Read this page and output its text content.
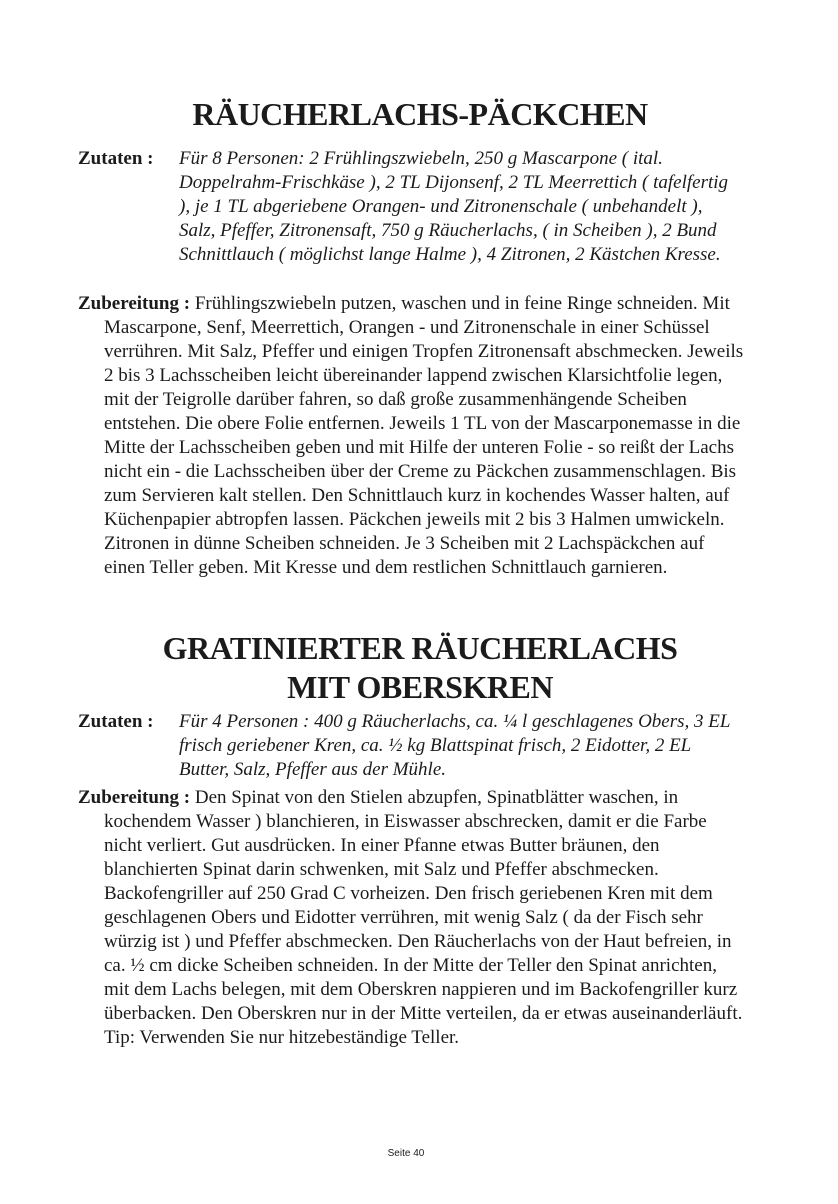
RÄUCHERLACHS-PÄCKCHEN
Zutaten : Für 8 Personen: 2 Frühlingszwiebeln, 250 g Mascarpone ( ital. Doppelrahm-Frischkäse ), 2 TL Dijonsenf, 2 TL Meerrettich ( tafelfertig ), je 1 TL abgeriebene Orangen- und Zitronenschale ( unbehandelt ), Salz, Pfeffer, Zitronensaft, 750 g Räucherlachs, ( in Scheiben ), 2 Bund Schnittlauch ( möglichst lange Halme ), 4 Zitronen, 2 Kästchen Kresse.

Zubereitung : Frühlingszwiebeln putzen, waschen und in feine Ringe schneiden. Mit Mascarpone, Senf, Meerrettich, Orangen - und Zitronenschale in einer Schüssel verrühren. Mit Salz, Pfeffer und einigen Tropfen Zitronensaft abschmecken. Jeweils 2 bis 3 Lachsscheiben leicht übereinander lappend zwischen Klarsichtfolie legen, mit der Teigrolle darüber fahren, so daß große zusammenhängende Scheiben entstehen. Die obere Folie entfernen. Jeweils 1 TL von der Mascarponemasse in die Mitte der Lachsscheiben geben und mit Hilfe der unteren Folie - so reißt der Lachs nicht ein - die Lachsscheiben über der Creme zu Päckchen zusammenschlagen. Bis zum Servieren kalt stellen. Den Schnittlauch kurz in kochendes Wasser halten, auf Küchenpapier abtropfen lassen. Päckchen jeweils mit 2 bis 3 Halmen umwickeln. Zitronen in dünne Scheiben schneiden. Je 3 Scheiben mit 2 Lachspäckchen auf einen Teller geben. Mit Kresse und dem restlichen Schnittlauch garnieren.

GRATINIERTER RÄUCHERLACHS MIT OBERSKREN
Zutaten : Für 4 Personen : 400 g Räucherlachs, ca. ¼ l geschlagenes Obers, 3 EL frisch geriebener Kren, ca. ½ kg Blattspinat frisch, 2 Eidotter, 2 EL Butter, Salz, Pfeffer aus der Mühle.

Zubereitung : Den Spinat von den Stielen abzupfen, Spinatblätter waschen, in kochendem Wasser ) blanchieren, in Eiswasser abschrecken, damit er die Farbe nicht verliert. Gut ausdrücken. In einer Pfanne etwas Butter bräunen, den blanchierten Spinat darin schwenken, mit Salz und Pfeffer abschmecken. Backofengriller auf 250 Grad C vorheizen. Den frisch geriebenen Kren mit dem geschlagenen Obers und Eidotter verrühren, mit wenig Salz ( da der Fisch sehr würzig ist ) und Pfeffer abschmecken. Den Räucherlachs von der Haut befreien, in ca. ½ cm dicke Scheiben schneiden. In der Mitte der Teller den Spinat anrichten, mit dem Lachs belegen, mit dem Oberskren nappieren und im Backofengriller kurz überbacken. Den Oberskren nur in der Mitte verteilen, da er etwas auseinanderläuft. Tip: Verwenden Sie nur hitzebeständige Teller.

Seite 40
